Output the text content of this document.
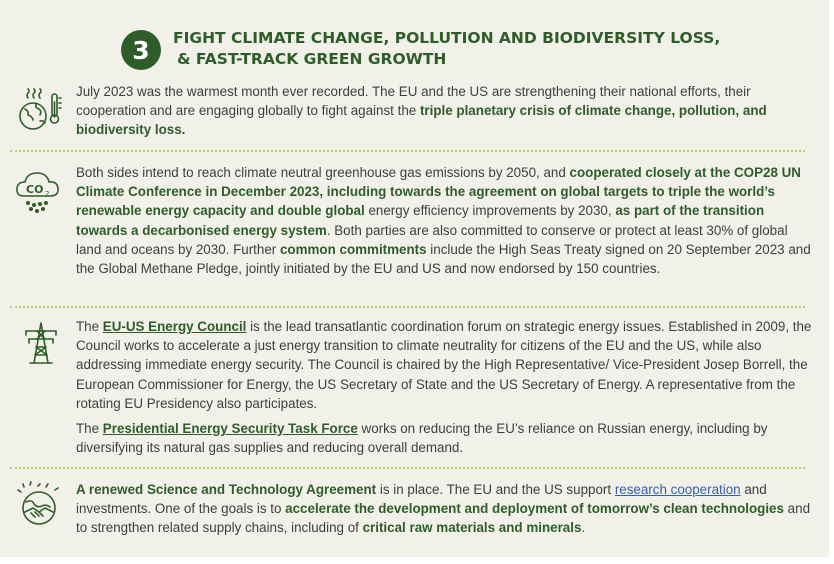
3	FIGHT CLIMATE CHANGE, POLLUTION AND BIODIVERSITY LOSS,
& FAST-TRACK GREEN GROWTH

July 2023 was the warmest month ever recorded. The EU and the US are strengthening their national efforts, their cooperation and are engaging globally to fight against the triple planetary crisis of climate change, pollution, and biodiversity loss.

CO 2

Both sides intend to reach climate neutral greenhouse gas emissions by 2050, and cooperated closely at the COP28 UN Climate Conference in December 2023, including towards the agreement on global targets to triple the world’s renewable energy capacity and double global energy efficiency improvements by 2030, as part of the transition towards a decarbonised energy system. Both parties are also committed to conserve or protect at least 30% of global land and oceans by 2030. Further common commitments include the High Seas Treaty signed on 20 September 2023 and the Global Methane Pledge, jointly initiated by the EU and US and now endorsed by 150 countries.

The EU-US Energy Council is the lead transatlantic coordination forum on strategic energy issues. Established in 2009, the Council works to accelerate a just energy transition to climate neutrality for citizens of the EU and the US, while also addressing immediate energy security. The Council is chaired by the High Representative/ Vice-President Josep Borrell, the European Commissioner for Energy, the US Secretary of State and the US Secretary of Energy. A representative from the rotating EU Presidency also participates.

The Presidential Energy Security Task Force works on reducing the EU’s reliance on Russian energy, including by diversifying its natural gas supplies and reducing overall demand.

A renewed Science and Technology Agreement is in place. The EU and the US support research cooperation and investments. One of the goals is to accelerate the development and deployment of tomorrow’s clean technologies and to strengthen related supply chains, including of critical raw materials and minerals.
